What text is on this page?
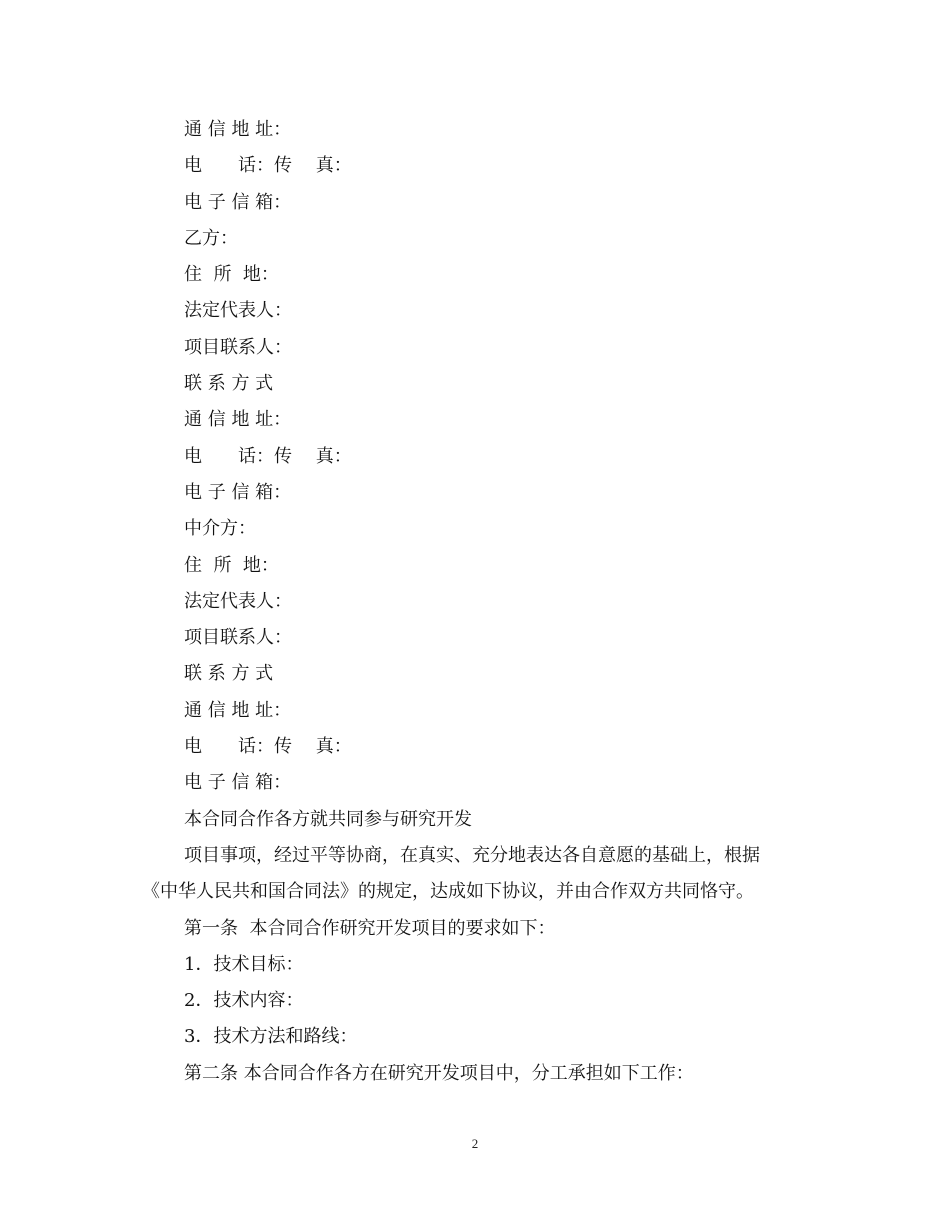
通 信 地 址：
电　　话：传　 真：
电 子 信 箱：
乙方：
住  所  地：
法定代表人：
项目联系人：
联 系 方 式
通 信 地 址：
电　　话：传　 真：
电 子 信 箱：
中介方：
住  所  地：
法定代表人：
项目联系人：
联 系 方 式
通 信 地 址：
电　　话：传　 真：
电 子 信 箱：
本合同合作各方就共同参与研究开发
项目事项，经过平等协商，在真实、充分地表达各自意愿的基础上，根据
《中华人民共和国合同法》的规定，达成如下协议，并由合作双方共同恪守。
第一条  本合同合作研究开发项目的要求如下：
1．技术目标：
2．技术内容：
3．技术方法和路线：
第二条 本合同合作各方在研究开发项目中，分工承担如下工作：
2
